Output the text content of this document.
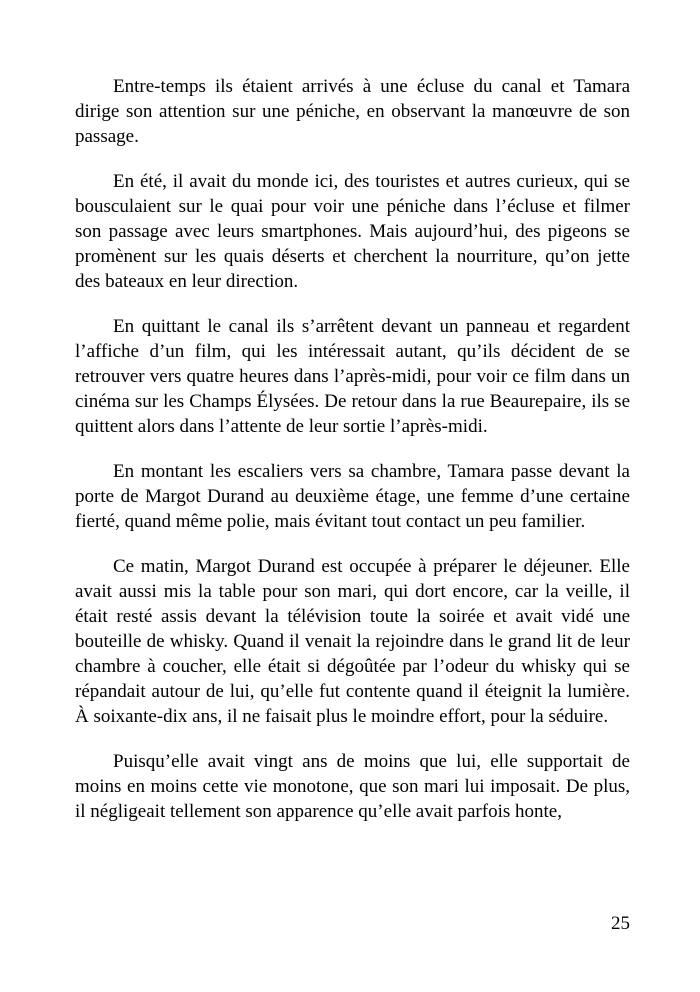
Entre-temps ils étaient arrivés à une écluse du canal et Tamara dirige son attention sur une péniche, en observant la manœuvre de son passage.

En été, il avait du monde ici, des touristes et autres curieux, qui se bousculaient sur le quai pour voir une péniche dans l’écluse et filmer son passage avec leurs smartphones. Mais aujourd’hui, des pigeons se promènent sur les quais déserts et cherchent la nourriture, qu’on jette des bateaux en leur direction.

En quittant le canal ils s’arrêtent devant un panneau et regardent l’affiche d’un film, qui les intéressait autant, qu’ils décident de se retrouver vers quatre heures dans l’après-midi, pour voir ce film dans un cinéma sur les Champs Élysées. De retour dans la rue Beaurepaire, ils se quittent alors dans l’attente de leur sortie l’après-midi.

En montant les escaliers vers sa chambre, Tamara passe devant la porte de Margot Durand au deuxième étage, une femme d’une certaine fierté, quand même polie, mais évitant tout contact un peu familier.

Ce matin, Margot Durand est occupée à préparer le déjeuner. Elle avait aussi mis la table pour son mari, qui dort encore, car la veille, il était resté assis devant la télévision toute la soirée et avait vidé une bouteille de whisky. Quand il venait la rejoindre dans le grand lit de leur chambre à coucher, elle était si dégoûtée par l’odeur du whisky qui se répandait autour de lui, qu’elle fut contente quand il éteignit la lumière. À soixante-dix ans, il ne faisait plus le moindre effort, pour la séduire.

Puisqu’elle avait vingt ans de moins que lui, elle supportait de moins en moins cette vie monotone, que son mari lui imposait. De plus, il négligeait tellement son apparence qu’elle avait parfois honte,

25
